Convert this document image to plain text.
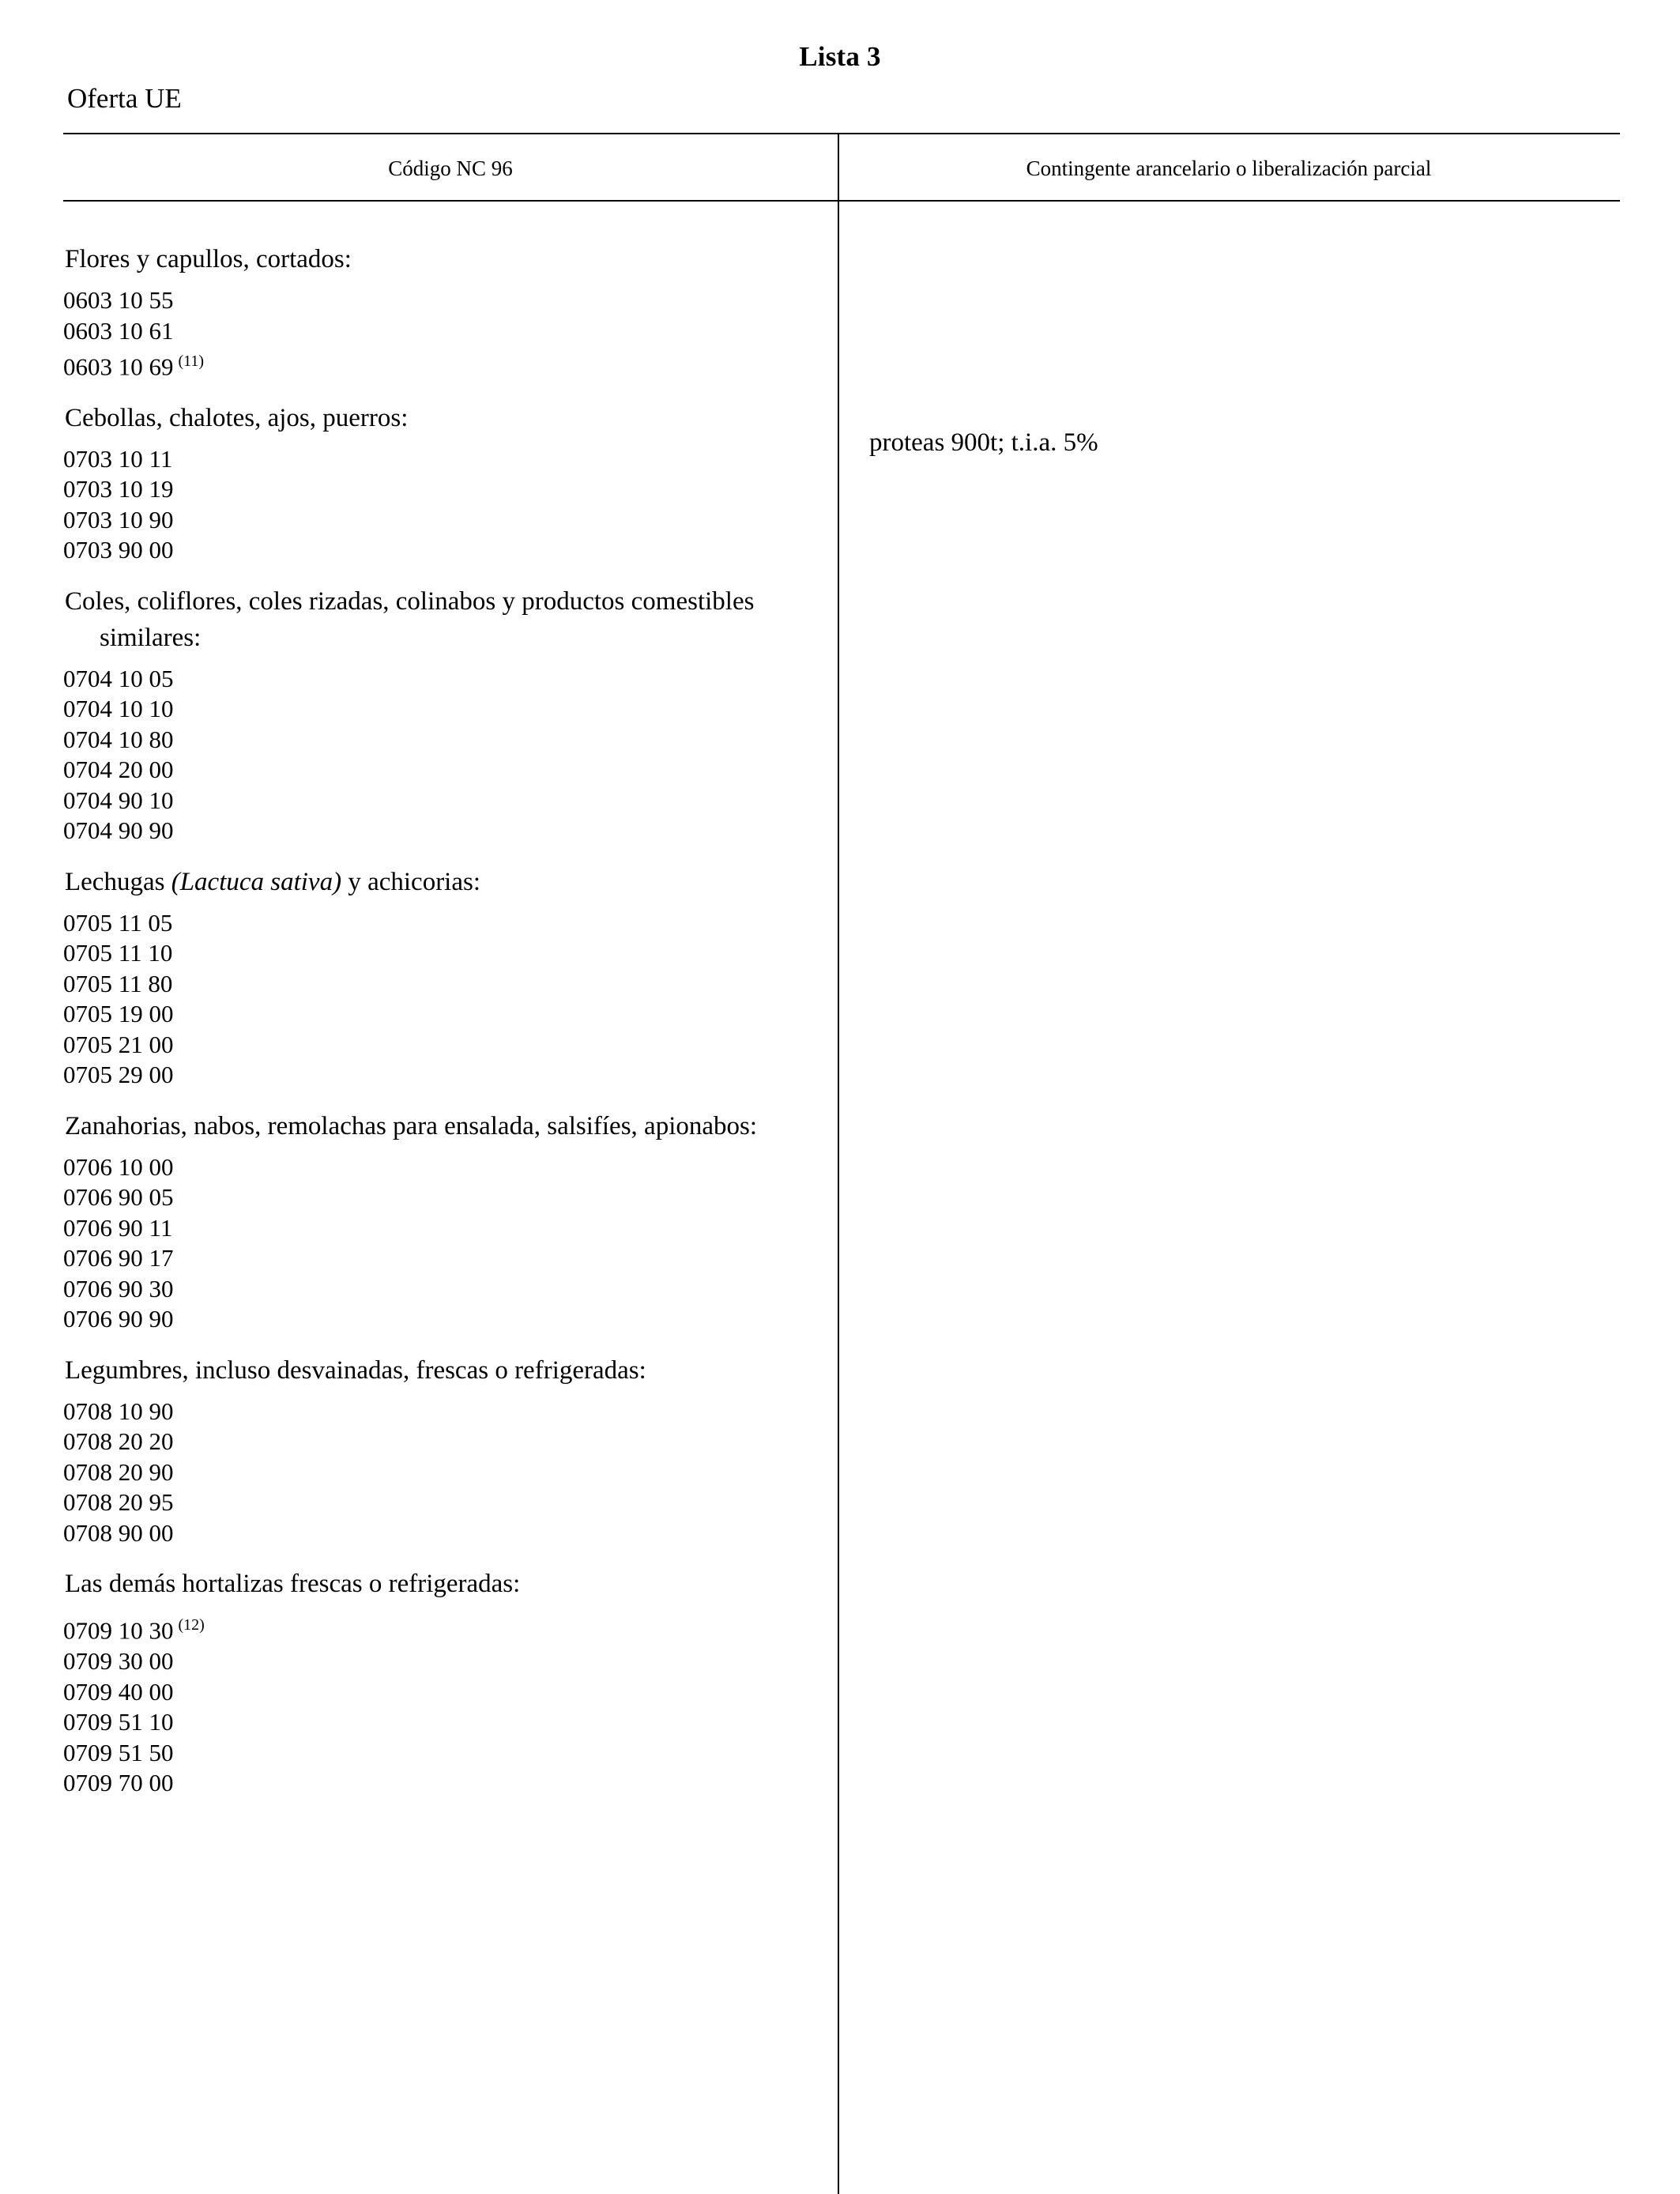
Lista 3
Oferta UE
Código NC 96	Contingente arancelario o liberalización parcial
Flores y capullos, cortados:
0603 10 55
0603 10 61
0603 10 69 $^{(11)}$
Cebollas, chalotes, ajos, puerros:
0703 10 11
0703 10 19
0703 10 90
0703 90 00
Coles, coliflores, coles rizadas, colinabos y productos comestibles similares:
0704 10 05
0704 10 10
0704 10 80
0704 20 00
0704 90 10
0704 90 90
Lechugas (Lactuca sativa) y achicorias:
0705 11 05
0705 11 10
0705 11 80
0705 19 00
0705 21 00
0705 29 00
Zanahorias, nabos, remolachas para ensalada, salsifíes, apionabos:
0706 10 00
0706 90 05
0706 90 11
0706 90 17
0706 90 30
0706 90 90
Legumbres, incluso desvainadas, frescas o refrigeradas:
0708 10 90
0708 20 20
0708 20 90
0708 20 95
0708 90 00
Las demás hortalizas frescas o refrigeradas:
0709 10 30 $^{(12)}$
0709 30 00
0709 40 00
0709 51 10
0709 51 50
0709 70 00
proteas 900t; t.i.a. 5%
